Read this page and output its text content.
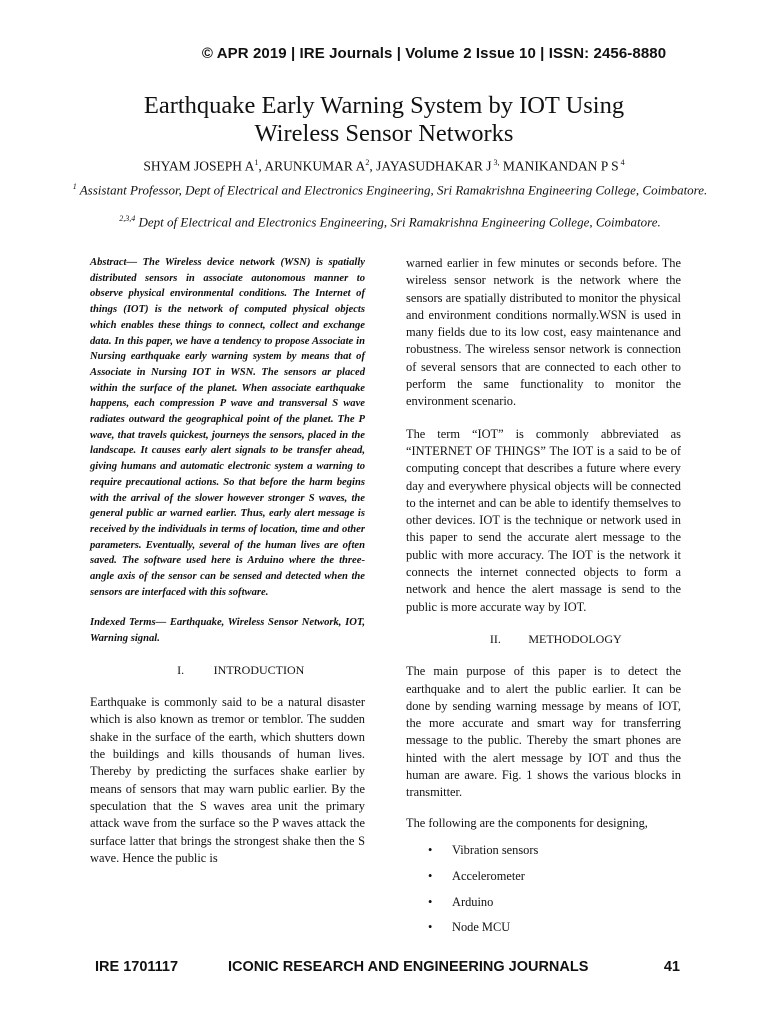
© APR 2019 | IRE Journals | Volume 2 Issue 10 | ISSN: 2456-8880
Earthquake Early Warning System by IOT Using
Wireless Sensor Networks
SHYAM JOSEPH $A^1$, ARUNKUMAR $A^2$, JAYASUDHAKAR J $^{3,}$ MANIKANDAN P S $^4$
$^1$ Assistant Professor, Dept of Electrical and Electronics Engineering, Sri Ramakrishna Engineering College, Coimbatore.
$^{2,3,4}$ Dept of Electrical and Electronics Engineering, Sri Ramakrishna Engineering College, Coimbatore.

Abstract— The Wireless device network (WSN) is spatially distributed sensors in associate autonomous manner to observe physical environmental conditions. The Internet of things (IOT) is the network of computed physical objects which enables these things to connect, collect and exchange data. In this paper, we have a tendency to propose Associate in Nursing earthquake early warning system by means that of Associate in Nursing IOT in WSN. The sensors ar placed within the surface of the planet. When associate earthquake happens, each compression P wave and transversal S wave radiates outward the geographical point of the planet. The P wave, that travels quickest, journeys the sensors, placed in the landscape. It causes early alert signals to be transfer ahead, giving humans and automatic electronic system a warning to require precautional actions. So that before the harm begins with the arrival of the slower however stronger S waves, the general public ar warned earlier. Thus, early alert message is received by the individuals in terms of location, time and other parameters. Eventually, several of the human lives are often saved. The software used here is Arduino where the three-angle axis of the sensor can be sensed and detected when the sensors are interfaced with this software.

Indexed Terms— Earthquake, Wireless Sensor Network, IOT, Warning signal.

I. INTRODUCTION

Earthquake is commonly said to be a natural disaster which is also known as tremor or temblor. The sudden shake in the surface of the earth, which shutters down the buildings and kills thousands of human lives. Thereby by predicting the surfaces shake earlier by means of sensors that may warn public earlier. By the speculation that the S waves area unit the primary attack wave from the surface so the P waves attack the surface latter that brings the strongest shake then the S wave. Hence the public is

warned earlier in few minutes or seconds before. The wireless sensor network is the network where the sensors are spatially distributed to monitor the physical and environment conditions normally.WSN is used in many fields due to its low cost, easy maintenance and robustness. The wireless sensor network is connection of several sensors that are connected to each other to perform the same functionality to monitor the environment scenario.

The term “IOT” is commonly abbreviated as “INTERNET OF THINGS” The IOT is a said to be of computing concept that describes a future where every day and everywhere physical objects will be connected to the internet and can be able to identify themselves to other devices. IOT is the technique or network used in this paper to send the accurate alert message to the public with more accuracy. The IOT is the network it connects the internet connected objects to form a network and hence the alert massage is send to the public is more accurate way by IOT.

II. METHODOLOGY

The main purpose of this paper is to detect the earthquake and to alert the public earlier. It can be done by sending warning message by means of IOT, the more accurate and smart way for transferring message to the public. Thereby the smart phones are hinted with the alert message by IOT and thus the human are aware. Fig. 1 shows the various blocks in transmitter.

The following are the components for designing,

• Vibration sensors
• Accelerometer
• Arduino
• Node MCU
IRE 1701117	ICONIC RESEARCH AND ENGINEERING JOURNALS	41
